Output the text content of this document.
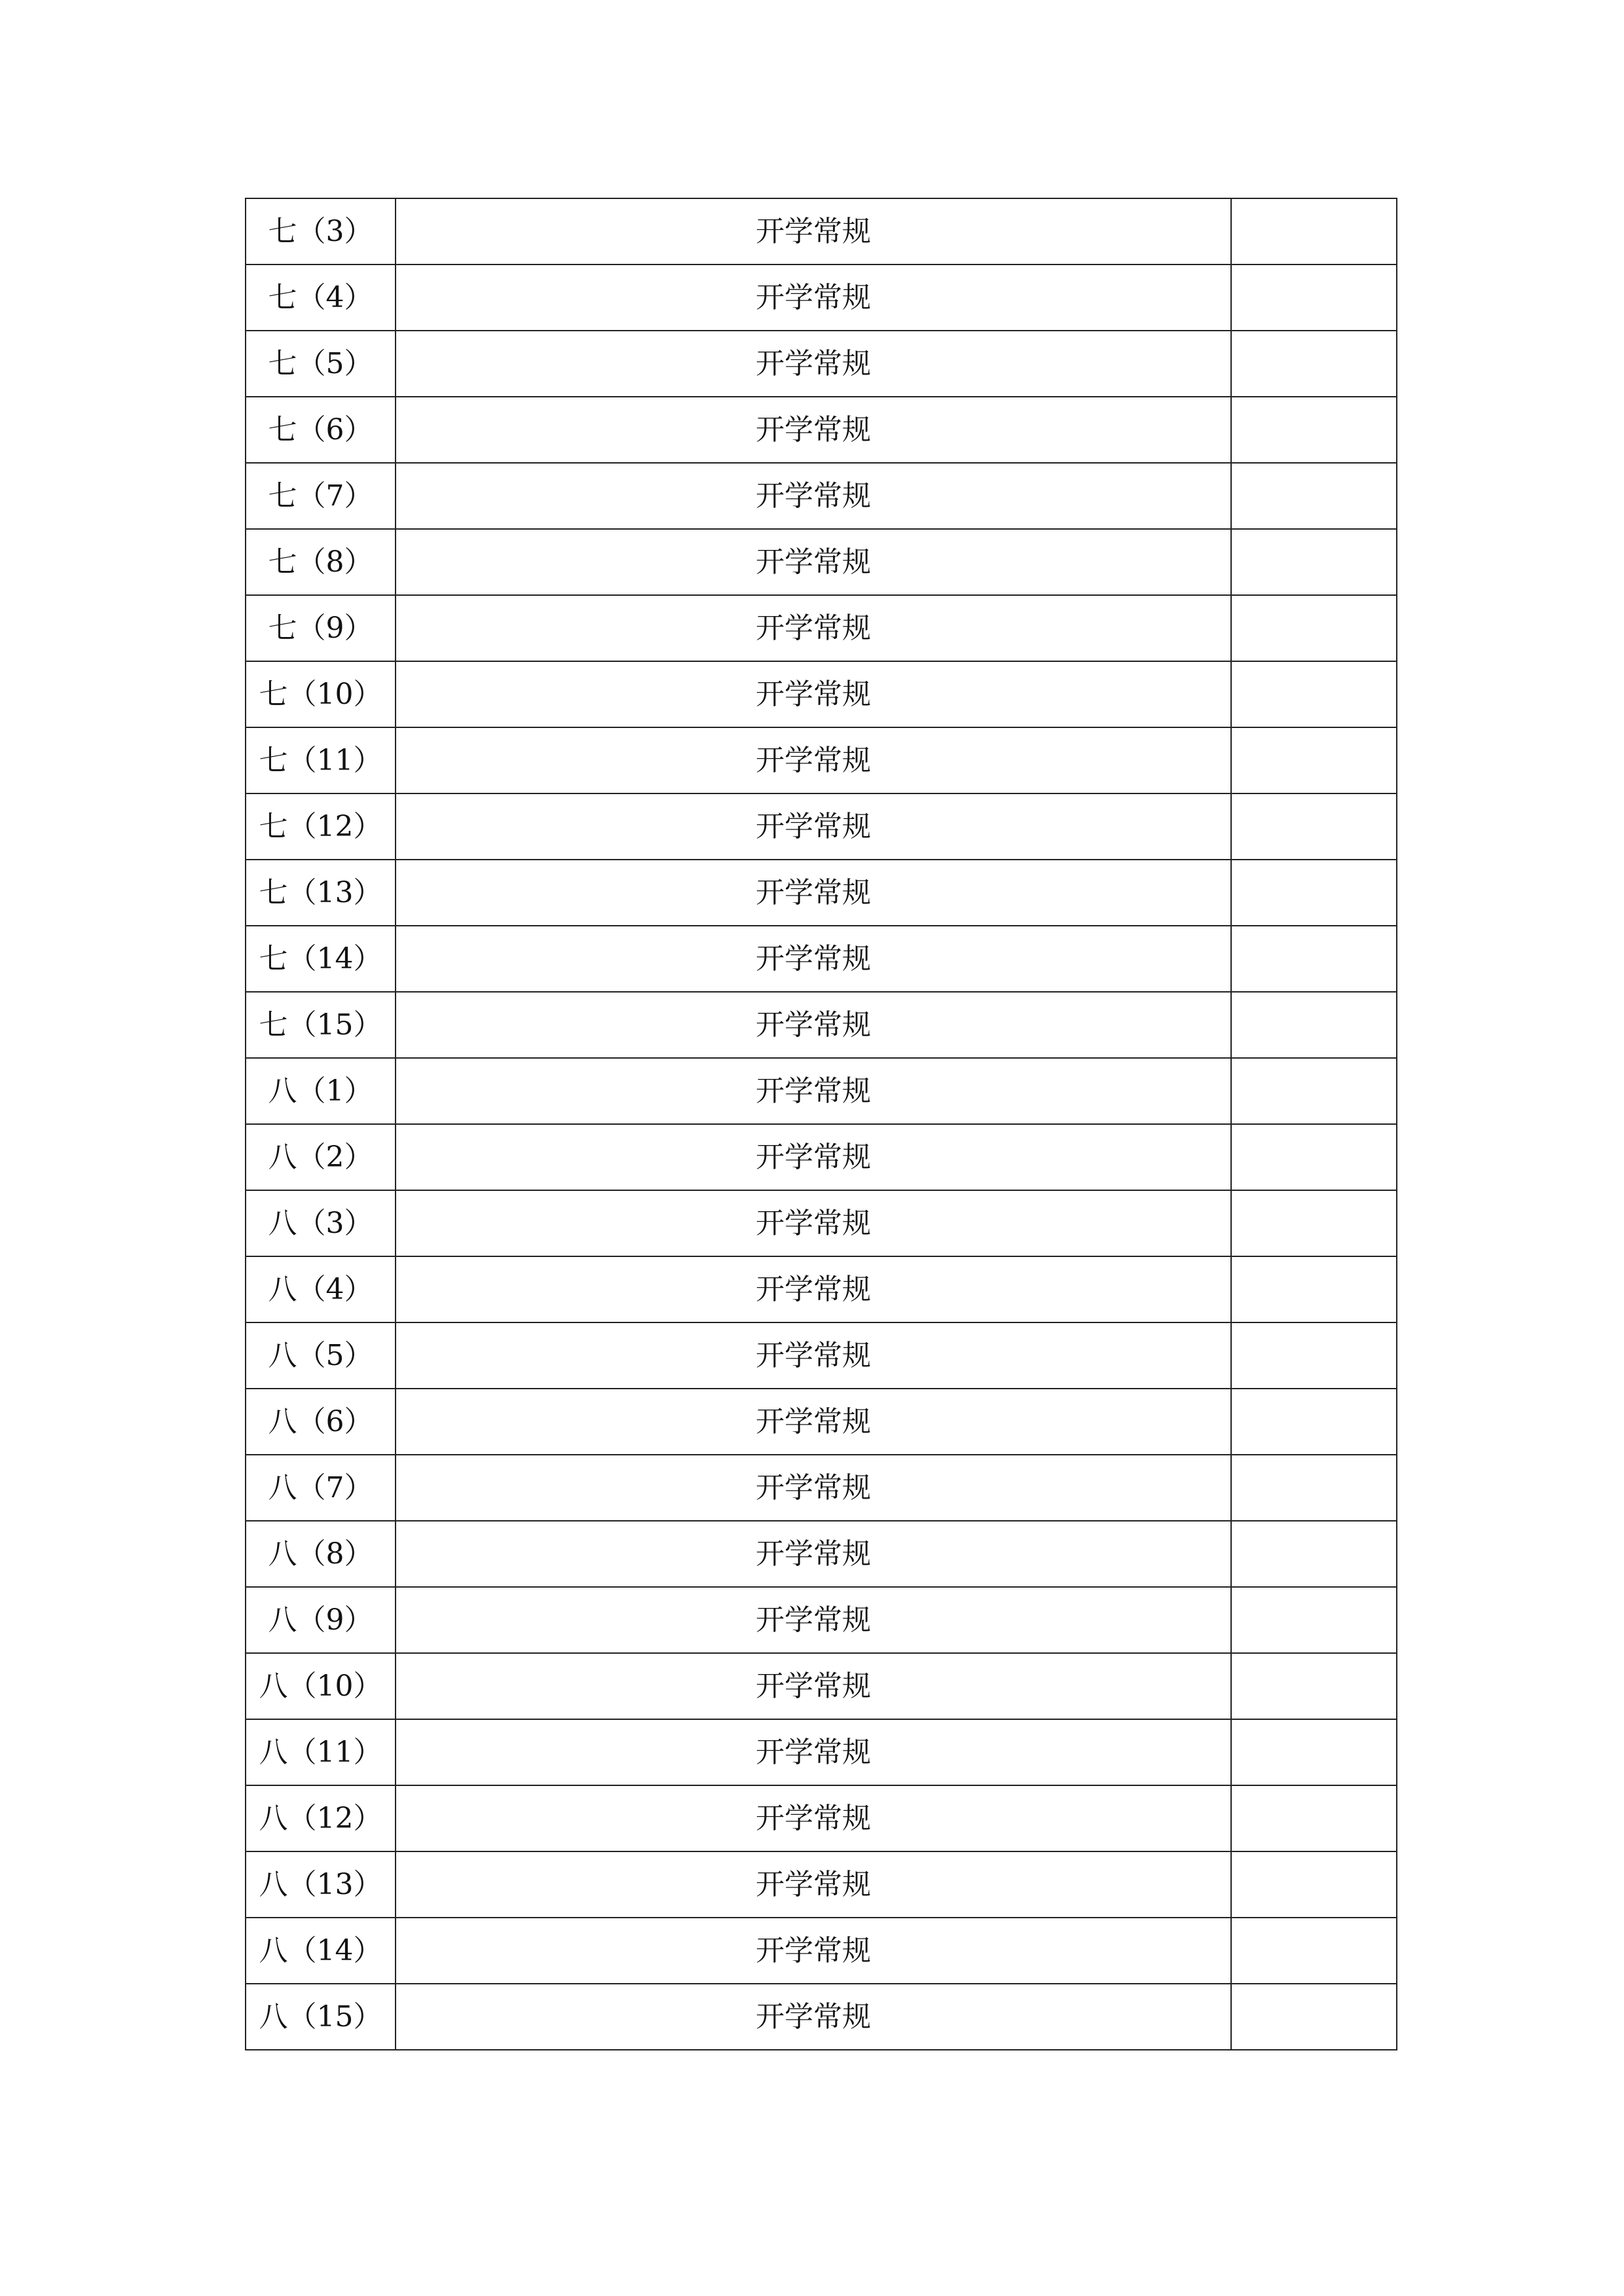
七（3）	开学常规	
七（4）	开学常规	
七（5）	开学常规	
七（6）	开学常规	
七（7）	开学常规	
七（8）	开学常规	
七（9）	开学常规	
七（10）	开学常规	
七（11）	开学常规	
七（12）	开学常规	
七（13）	开学常规	
七（14）	开学常规	
七（15）	开学常规	
八（1）	开学常规	
八（2）	开学常规	
八（3）	开学常规	
八（4）	开学常规	
八（5）	开学常规	
八（6）	开学常规	
八（7）	开学常规	
八（8）	开学常规	
八（9）	开学常规	
八（10）	开学常规	
八（11）	开学常规	
八（12）	开学常规	
八（13）	开学常规	
八（14）	开学常规	
八（15）	开学常规	
